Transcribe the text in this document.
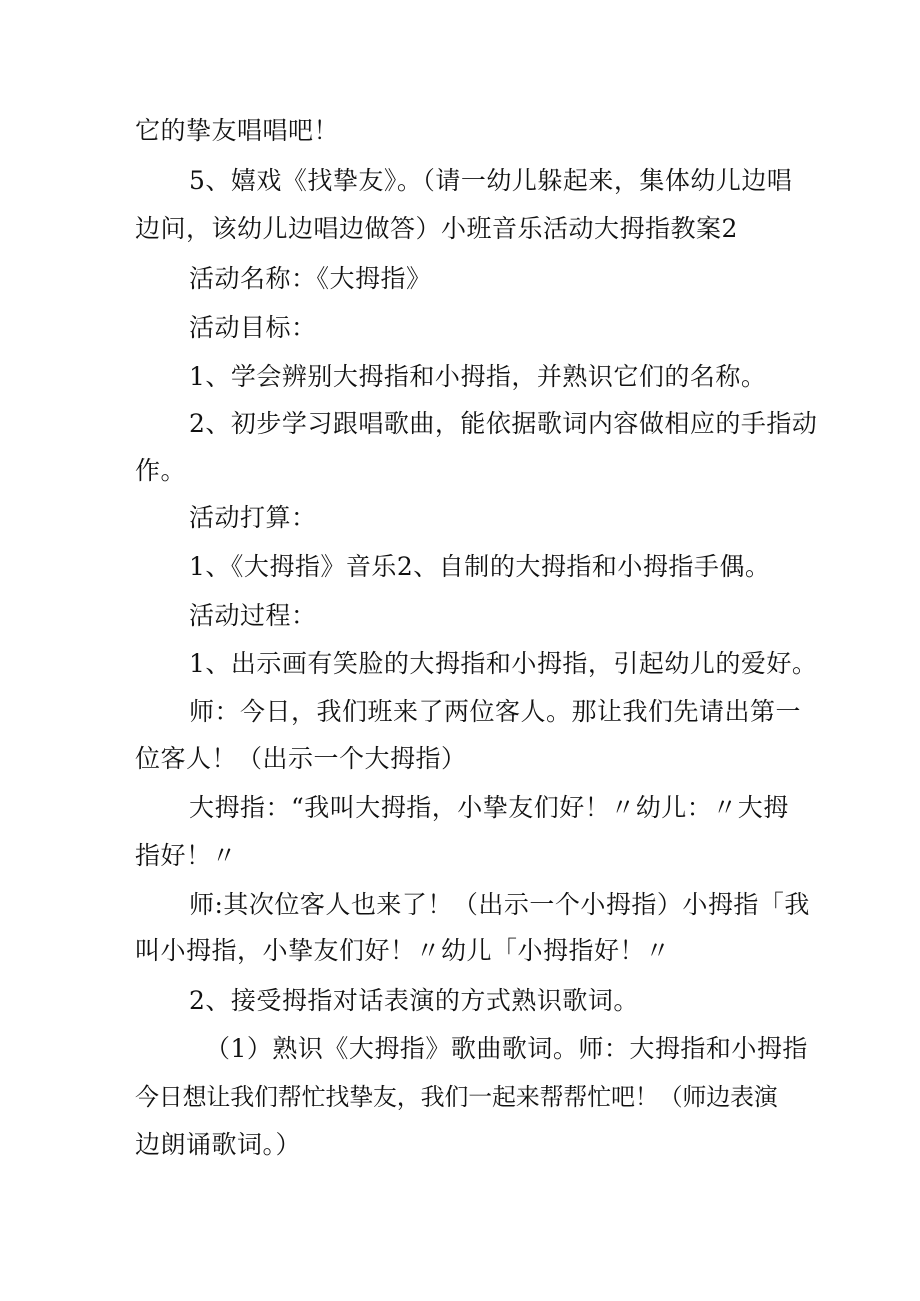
它的挚友唱唱吧！
5、嬉戏《找挚友》。（请一幼儿躲起来，集体幼儿边唱
边问，该幼儿边唱边做答）小班音乐活动大拇指教案2
活动名称：《大拇指》
活动目标：
1、学会辨别大拇指和小拇指，并熟识它们的名称。
2、初步学习跟唱歌曲，能依据歌词内容做相应的手指动
作。
活动打算：
1、《大拇指》音乐2、自制的大拇指和小拇指手偶。
活动过程：
1、出示画有笑脸的大拇指和小拇指，引起幼儿的爱好。
师：今日，我们班来了两位客人。那让我们先请出第一
位客人！（出示一个大拇指）
大拇指：“我叫大拇指，小挚友们好！〃幼儿：〃大拇
指好！〃
师:其次位客人也来了！（出示一个小拇指）小拇指「我
叫小拇指，小挚友们好！〃幼儿「小拇指好！〃
2、接受拇指对话表演的方式熟识歌词。
（1）熟识《大拇指》歌曲歌词。师：大拇指和小拇指
今日想让我们帮忙找挚友，我们一起来帮帮忙吧！（师边表演
边朗诵歌词。）
